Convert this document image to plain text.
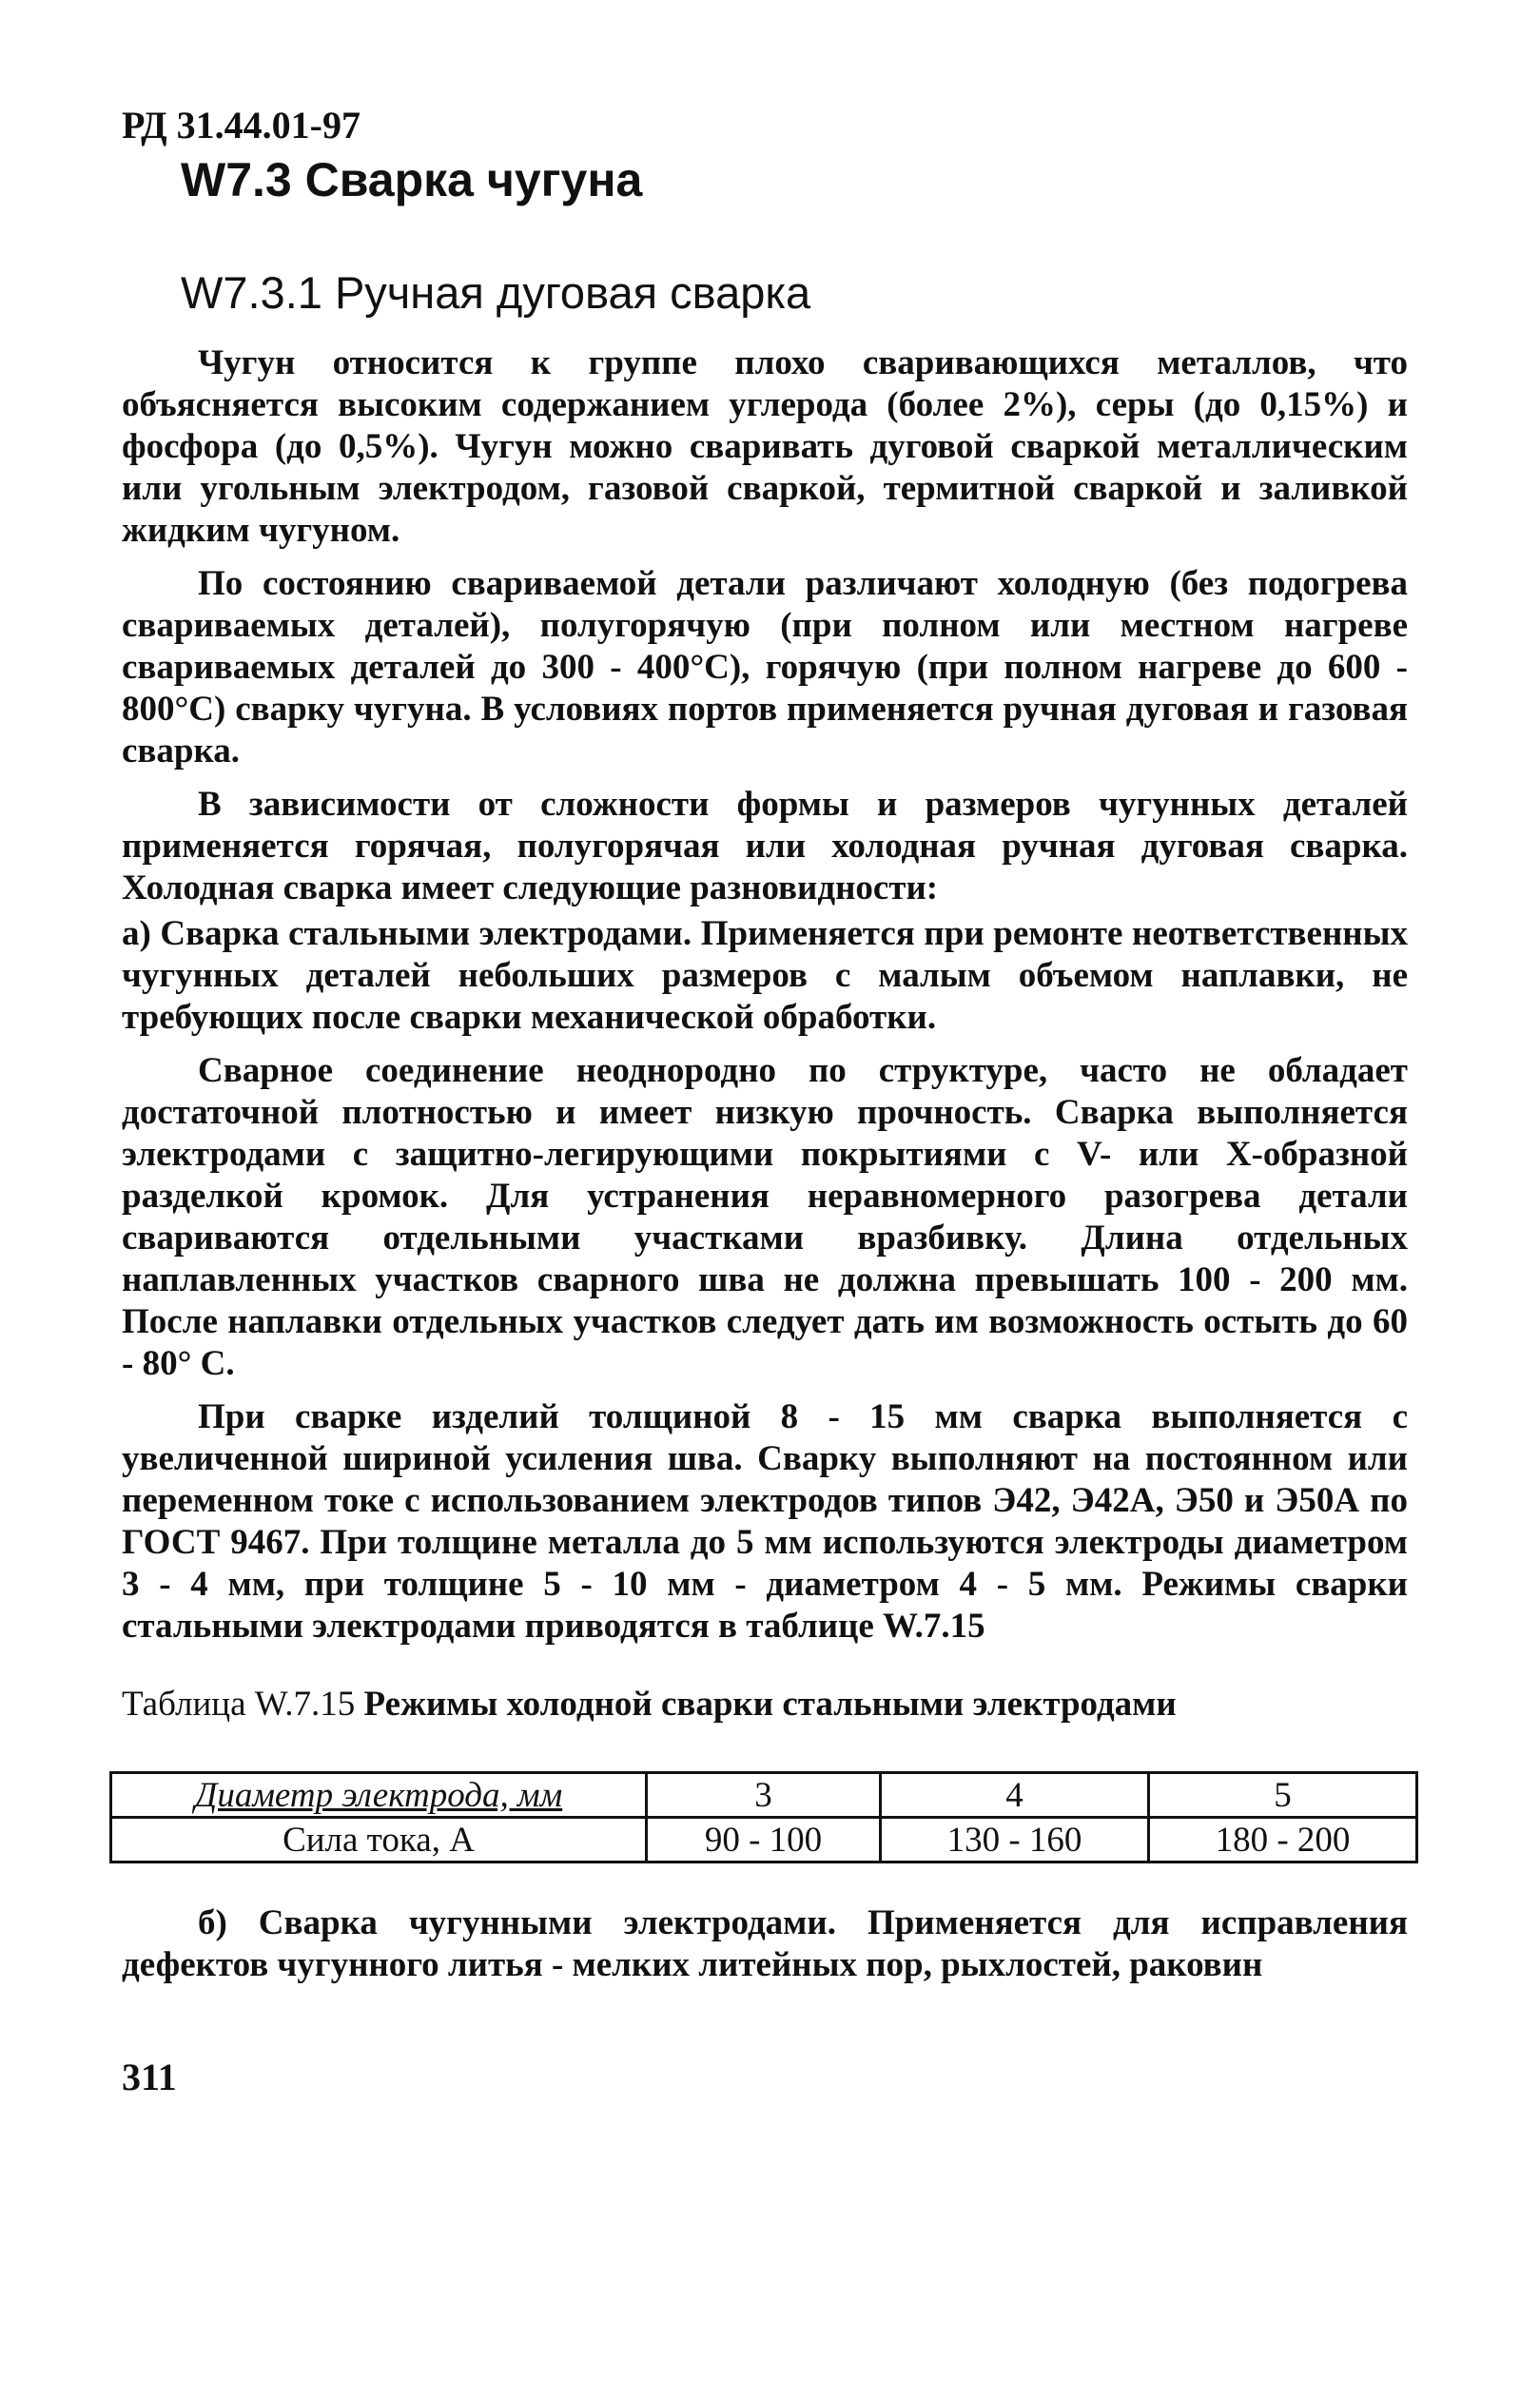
РД 31.44.01-97
W7.3 Сварка чугуна
W7.3.1 Ручная дуговая сварка

Чугун относится к группе плохо сваривающихся металлов, что объясняется высоким содержанием углерода (более 2%), серы (до 0,15%) и фосфора (до 0,5%). Чугун можно сваривать дуговой сваркой металлическим или угольным электродом, газовой сваркой, термитной сваркой и заливкой жидким чугуном.

По состоянию свариваемой детали различают холодную (без подогрева свариваемых деталей), полугорячую (при полном или местном нагреве свариваемых деталей до 300 - 400°С), горячую (при полном нагреве до 600 - 800°С) сварку чугуна. В условиях портов применяется ручная дуговая и газовая сварка.

В зависимости от сложности формы и размеров чугунных деталей применяется горячая, полугорячая или холодная ручная дуговая сварка. Холодная сварка имеет следующие разновидности:

а) Сварка стальными электродами. Применяется при ремонте неответственных чугунных деталей небольших размеров с малым объемом наплавки, не требующих после сварки механической обработки.

Сварное соединение неоднородно по структуре, часто не обладает достаточной плотностью и имеет низкую прочность. Сварка выполняется электродами с защитно-легирующими покрытиями с V- или X-образной разделкой кромок. Для устранения неравномерного разогрева детали свариваются отдельными участками вразбивку. Длина отдельных наплавленных участков сварного шва не должна превышать 100 - 200 мм. После наплавки отдельных участков следует дать им возможность остыть до 60 - 80° С.

При сварке изделий толщиной 8 - 15 мм сварка выполняется с увеличенной шириной усиления шва. Сварку выполняют на постоянном или переменном токе с использованием электродов типов Э42, Э42А, Э50 и Э50А по ГОСТ 9467. При толщине металла до 5 мм используются электроды диаметром 3 - 4 мм, при толщине 5 - 10 мм - диаметром 4 - 5 мм. Режимы сварки стальными электродами приводятся в таблице W.7.15

Таблица W.7.15 Режимы холодной сварки стальными электродами
Диаметр электрода, мм	3	4	5
Сила тока, А	90 - 100	130 - 160	180 - 200
б) Сварка чугунными электродами. Применяется для исправления дефектов чугунного литья - мелких литейных пор, рыхлостей, раковин
311
